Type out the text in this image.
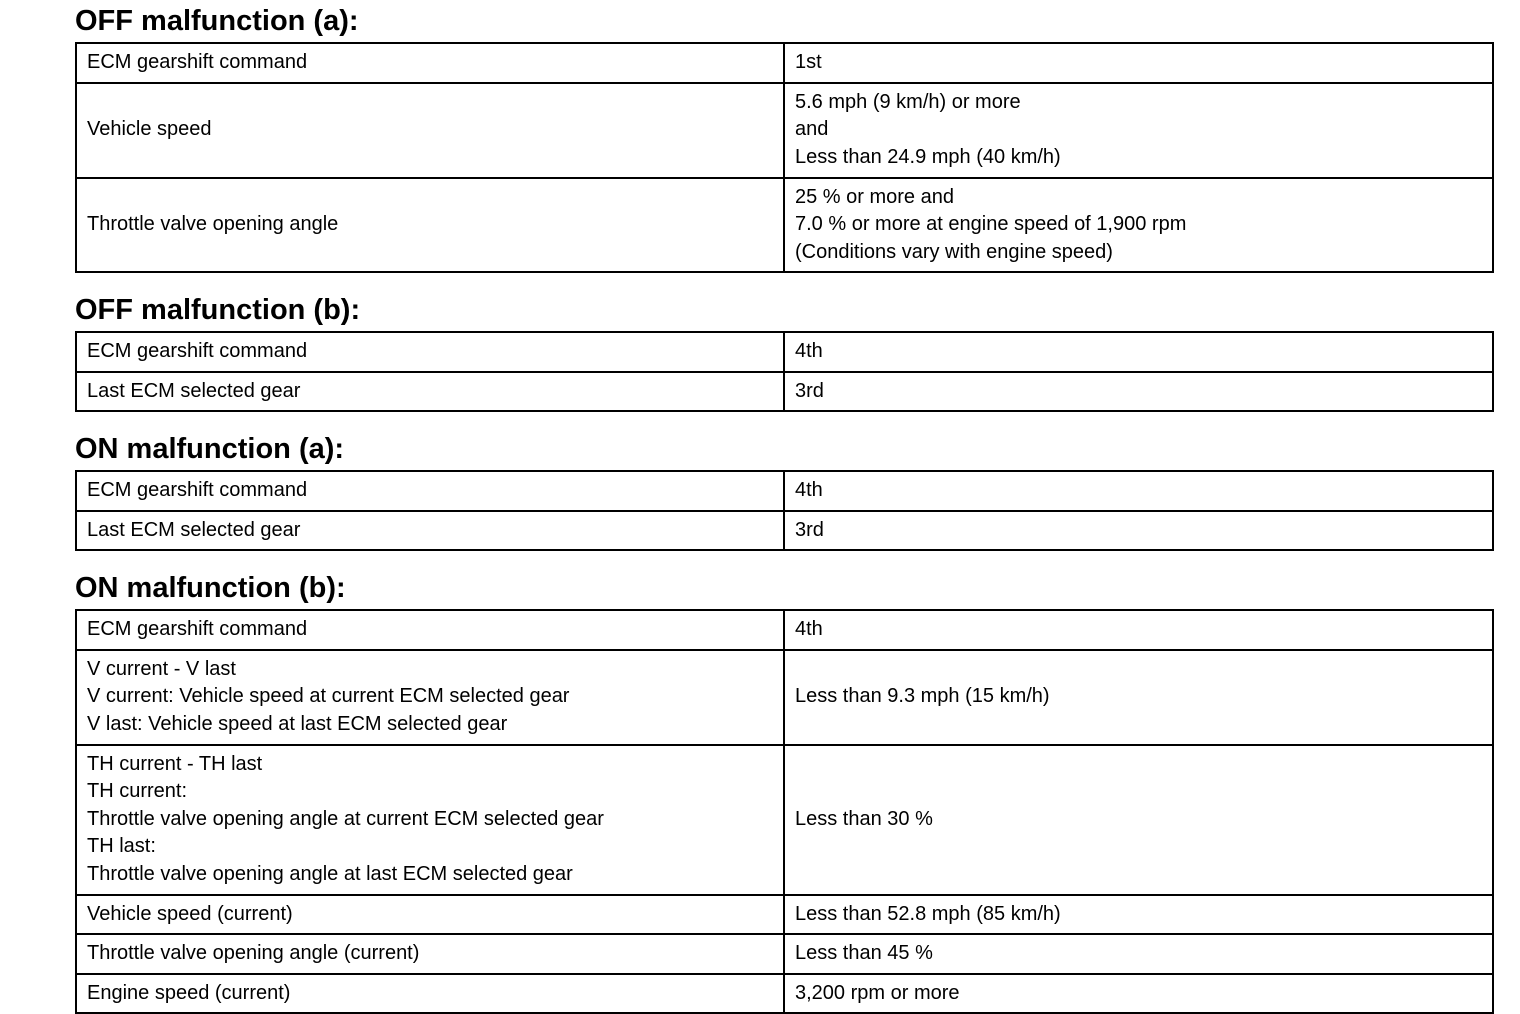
OFF malfunction (a):
ECM gearshift command	1st

Vehicle speed	5.6 mph (9 km/h) or more
and
Less than 24.9 mph (40 km/h)

Throttle valve opening angle	25 % or more and
7.0 % or more at engine speed of 1,900 rpm
(Conditions vary with engine speed)
OFF malfunction (b):
ECM gearshift command	4th

Last ECM selected gear	3rd
ON malfunction (a):
ECM gearshift command	4th

Last ECM selected gear	3rd
ON malfunction (b):
ECM gearshift command	4th

V current - V last
V current: Vehicle speed at current ECM selected gear
V last: Vehicle speed at last ECM selected gear	Less than 9.3 mph (15 km/h)

TH current - TH last
TH current:
Throttle valve opening angle at current ECM selected gear
TH last:
Throttle valve opening angle at last ECM selected gear	Less than 30 %

Vehicle speed (current)	Less than 52.8 mph (85 km/h)

Throttle valve opening angle (current)	Less than 45 %

Engine speed (current)	3,200 rpm or more
